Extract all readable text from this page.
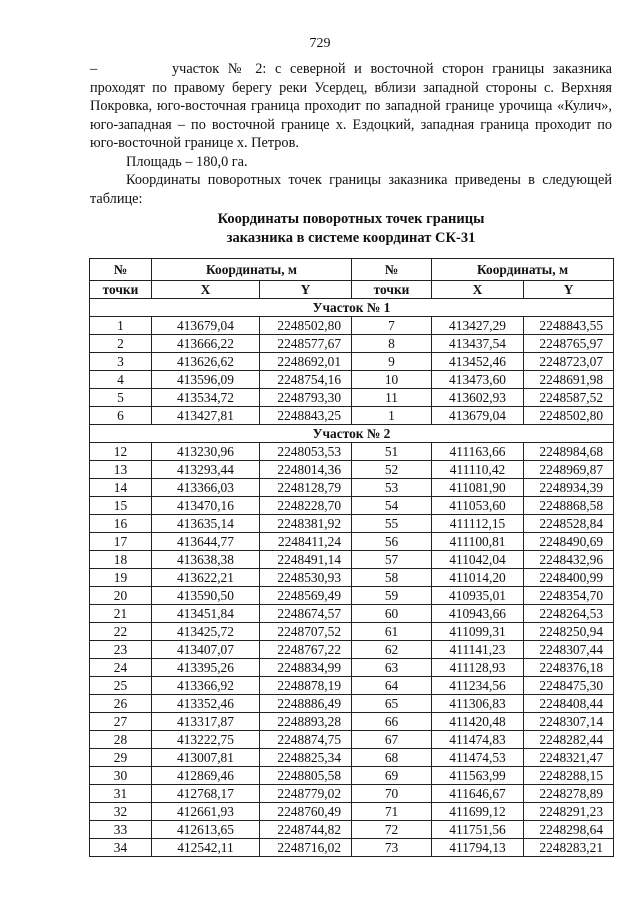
729

–	участок № 2: с северной и восточной сторон границы заказника проходят по правому берегу реки Усердец, вблизи западной стороны с. Верхняя Покровка, юго-восточная граница проходит по западной границе урочища «Кулич», юго-западная – по восточной границе х. Ездоцкий, западная граница проходит по юго-восточной границе х. Петров.

Площадь – 180,0 га.

Координаты поворотных точек границы заказника приведены в следующей таблице:

Координаты поворотных точек границы
заказника в системе координат СК-31
№	Координаты, м		№	Координаты, м	
точки	X	Y	точки	X	Y
Участок № 1					
1	413679,04	2248502,80	7	413427,29	2248843,55
2	413666,22	2248577,67	8	413437,54	2248765,97
3	413626,62	2248692,01	9	413452,46	2248723,07
4	413596,09	2248754,16	10	413473,60	2248691,98
5	413534,72	2248793,30	11	413602,93	2248587,52
6	413427,81	2248843,25	1	413679,04	2248502,80
Участок № 2					
12	413230,96	2248053,53	51	411163,66	2248984,68
13	413293,44	2248014,36	52	411110,42	2248969,87
14	413366,03	2248128,79	53	411081,90	2248934,39
15	413470,16	2248228,70	54	411053,60	2248868,58
16	413635,14	2248381,92	55	411112,15	2248528,84
17	413644,77	2248411,24	56	411100,81	2248490,69
18	413638,38	2248491,14	57	411042,04	2248432,96
19	413622,21	2248530,93	58	411014,20	2248400,99
20	413590,50	2248569,49	59	410935,01	2248354,70
21	413451,84	2248674,57	60	410943,66	2248264,53
22	413425,72	2248707,52	61	411099,31	2248250,94
23	413407,07	2248767,22	62	411141,23	2248307,44
24	413395,26	2248834,99	63	411128,93	2248376,18
25	413366,92	2248878,19	64	411234,56	2248475,30
26	413352,46	2248886,49	65	411306,83	2248408,44
27	413317,87	2248893,28	66	411420,48	2248307,14
28	413222,75	2248874,75	67	411474,83	2248282,44
29	413007,81	2248825,34	68	411474,53	2248321,47
30	412869,46	2248805,58	69	411563,99	2248288,15
31	412768,17	2248779,02	70	411646,67	2248278,89
32	412661,93	2248760,49	71	411699,12	2248291,23
33	412613,65	2248744,82	72	411751,56	2248298,64
34	412542,11	2248716,02	73	411794,13	2248283,21
